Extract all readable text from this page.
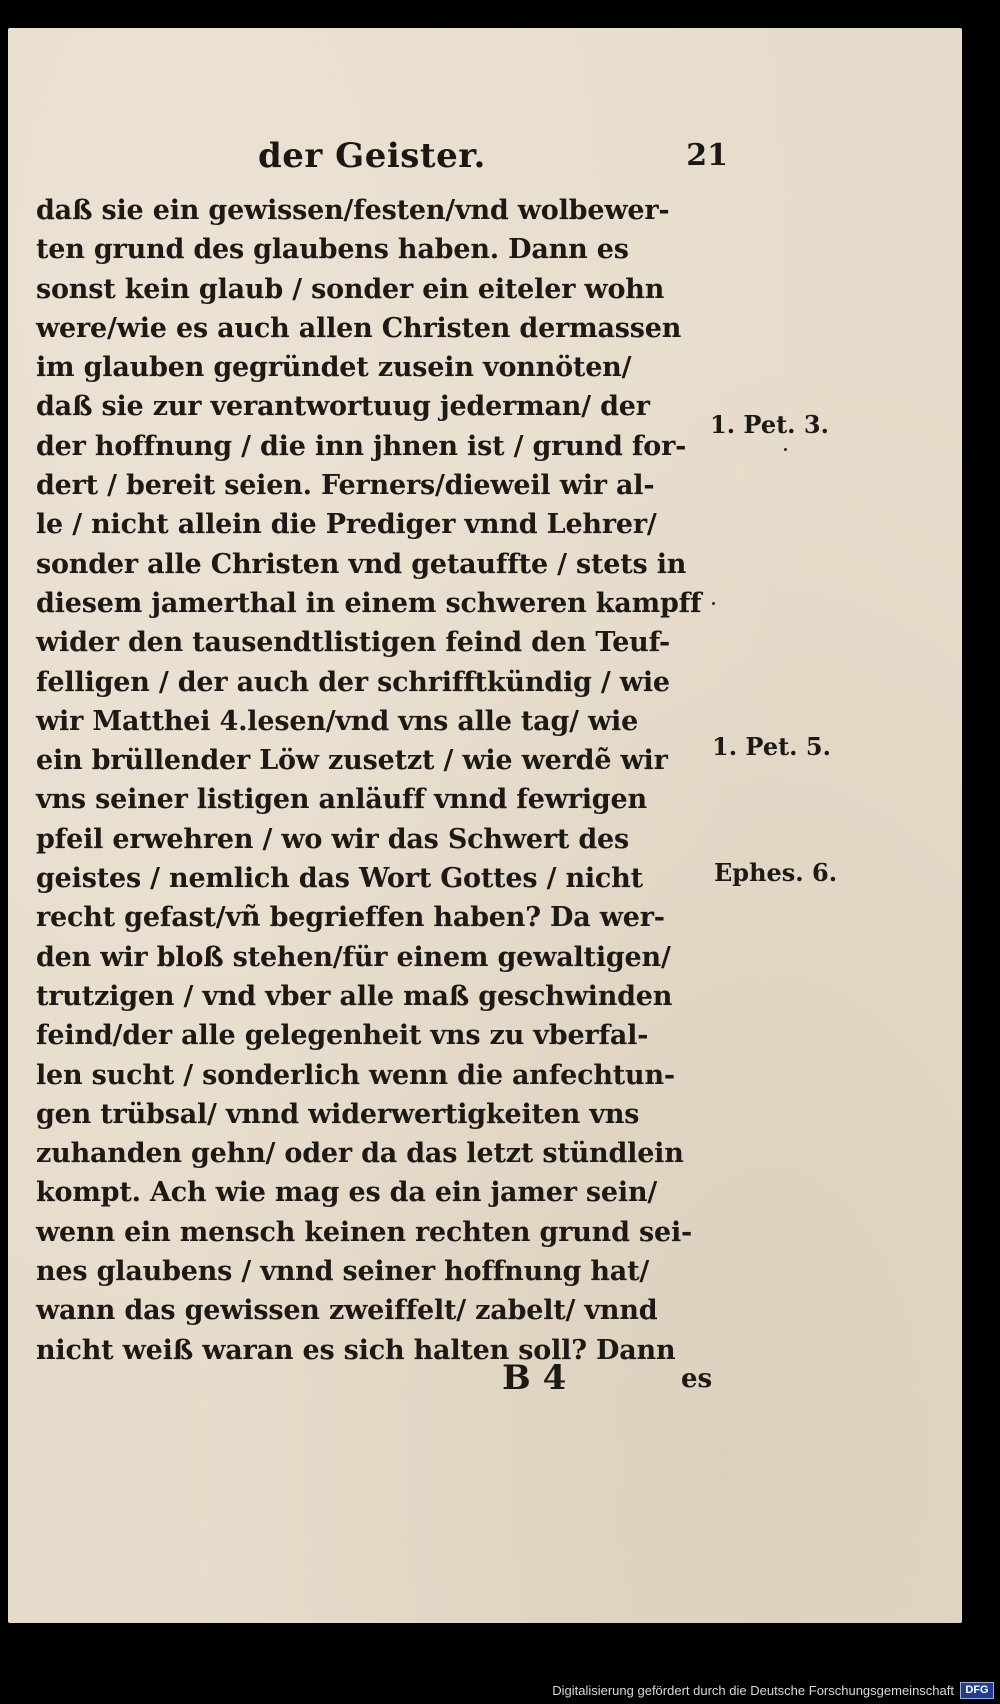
der Geister.	21
daß sie ein gewissen/festen/vnd wolbewer-
ten grund des glaubens haben. Dann es
sonst kein glaub / sonder ein eiteler wohn
were/wie es auch allen Christen dermassen
im glauben gegründet zusein vonnöten/
daß sie zur verantwortuug jederman/ der
der hoffnung / die inn jhnen ist / grund for-
dert / bereit seien. Ferners/dieweil wir al-
le / nicht allein die Prediger vnnd Lehrer/
sonder alle Christen vnd getauffte / stets in
diesem jamerthal in einem schweren kampff
wider den tausendtlistigen feind den Teuf-
felligen / der auch der schrifftkündig / wie
wir Matthei 4.lesen/vnd vns alle tag/ wie
ein brüllender Löw zusetzt / wie werdẽ wir
vns seiner listigen anläuff vnnd fewrigen
pfeil erwehren / wo wir das Schwert des
geistes / nemlich das Wort Gottes / nicht
recht gefast/vñ begrieffen haben? Da wer-
den wir bloß stehen/für einem gewaltigen/
trutzigen / vnd vber alle maß geschwinden
feind/der alle gelegenheit vns zu vberfal-
len sucht / sonderlich wenn die anfechtun-
gen trübsal/ vnnd widerwertigkeiten vns
zuhanden gehn/ oder da das letzt stündlein
kompt. Ach wie mag es da ein jamer sein/
wenn ein mensch keinen rechten grund sei-
nes glaubens / vnnd seiner hoffnung hat/
wann das gewissen zweiffelt/ zabelt/ vnnd
nicht weiß waran es sich halten soll? Dann
1. Pet. 3.
1. Pet. 5.
Ephes. 6.
B 4	es
Digitalisierung gefördert durch die Deutsche Forschungsgemeinschaft	DFG
